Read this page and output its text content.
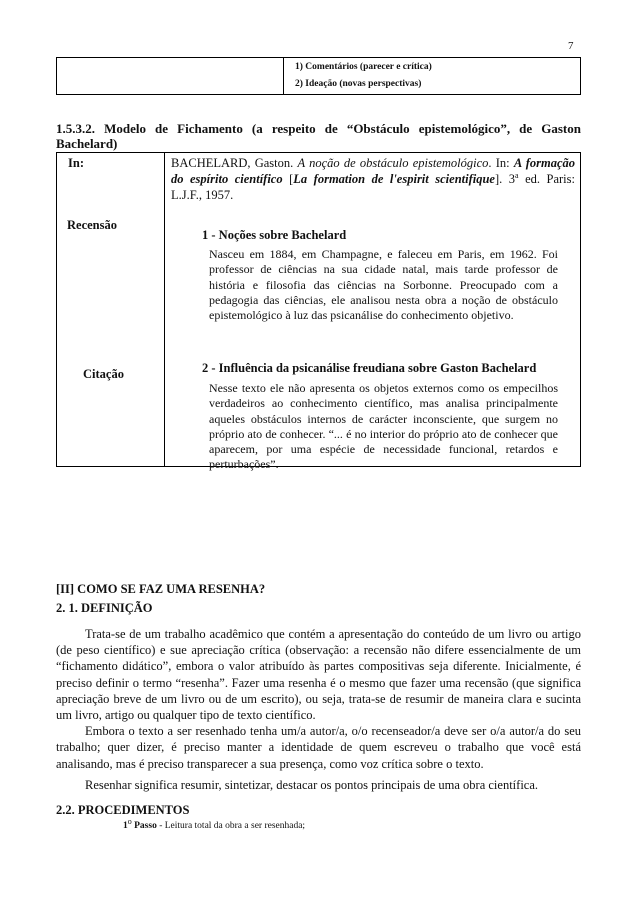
7
1) Comentários (parecer e crítica)
2) Ideação (novas perspectivas)
1.5.3.2. Modelo de Fichamento (a respeito de “Obstáculo epistemológico”, de Gaston
Bachelard)
In:
Recensão
Citação
BACHELARD, Gaston. A noção de obstáculo epistemológico. In: A formação do espírito científico [La formation de l'espirit scientifique]. 3$^a$ ed. Paris: L.J.F., 1957.
1 - Noções sobre Bachelard
Nasceu em 1884, em Champagne, e faleceu em Paris, em 1962. Foi professor de ciências na sua cidade natal, mais tarde professor de história e filosofia das ciências na Sorbonne. Preocupado com a pedagogia das ciências, ele analisou nesta obra a noção de obstáculo epistemológico à luz das psicanálise do conhecimento objetivo.
2 - Influência da psicanálise freudiana sobre Gaston Bachelard
Nesse texto ele não apresenta os objetos externos como os empecilhos verdadeiros ao conhecimento científico, mas analisa principalmente aqueles obstáculos internos de carácter inconsciente, que surgem no próprio ato de conhecer. “... é no interior do próprio ato de conhecer que aparecem, por uma espécie de necessidade funcional, retardos e perturbações”.
[II] COMO SE FAZ UMA RESENHA?
2. 1. DEFINIÇÃO

Trata-se de um trabalho acadêmico que contém a apresentação do conteúdo de um livro ou artigo (de peso científico) e sue apreciação crítica (observação: a recensão não difere essencialmente de um “fichamento didático”, embora o valor atribuído às partes compositivas seja diferente. Inicialmente, é preciso definir o termo “resenha”. Fazer uma resenha é o mesmo que fazer uma recensão (que significa apreciação breve de um livro ou de um escrito), ou seja, trata-se de resumir de maneira clara e sucinta um livro, artigo ou qualquer tipo de texto científico.

Embora o texto a ser resenhado tenha um/a autor/a, o/o recenseador/a deve ser o/a autor/a do seu trabalho; quer dizer, é preciso manter a identidade de quem escreveu o trabalho que você está analisando, mas é preciso transparecer a sua presença, como voz crítica sobre o texto.

Resenhar significa resumir, sintetizar, destacar os pontos principais de uma obra científica.

2.2. PROCEDIMENTOS
1$^o$ Passo - Leitura total da obra a ser resenhada;
